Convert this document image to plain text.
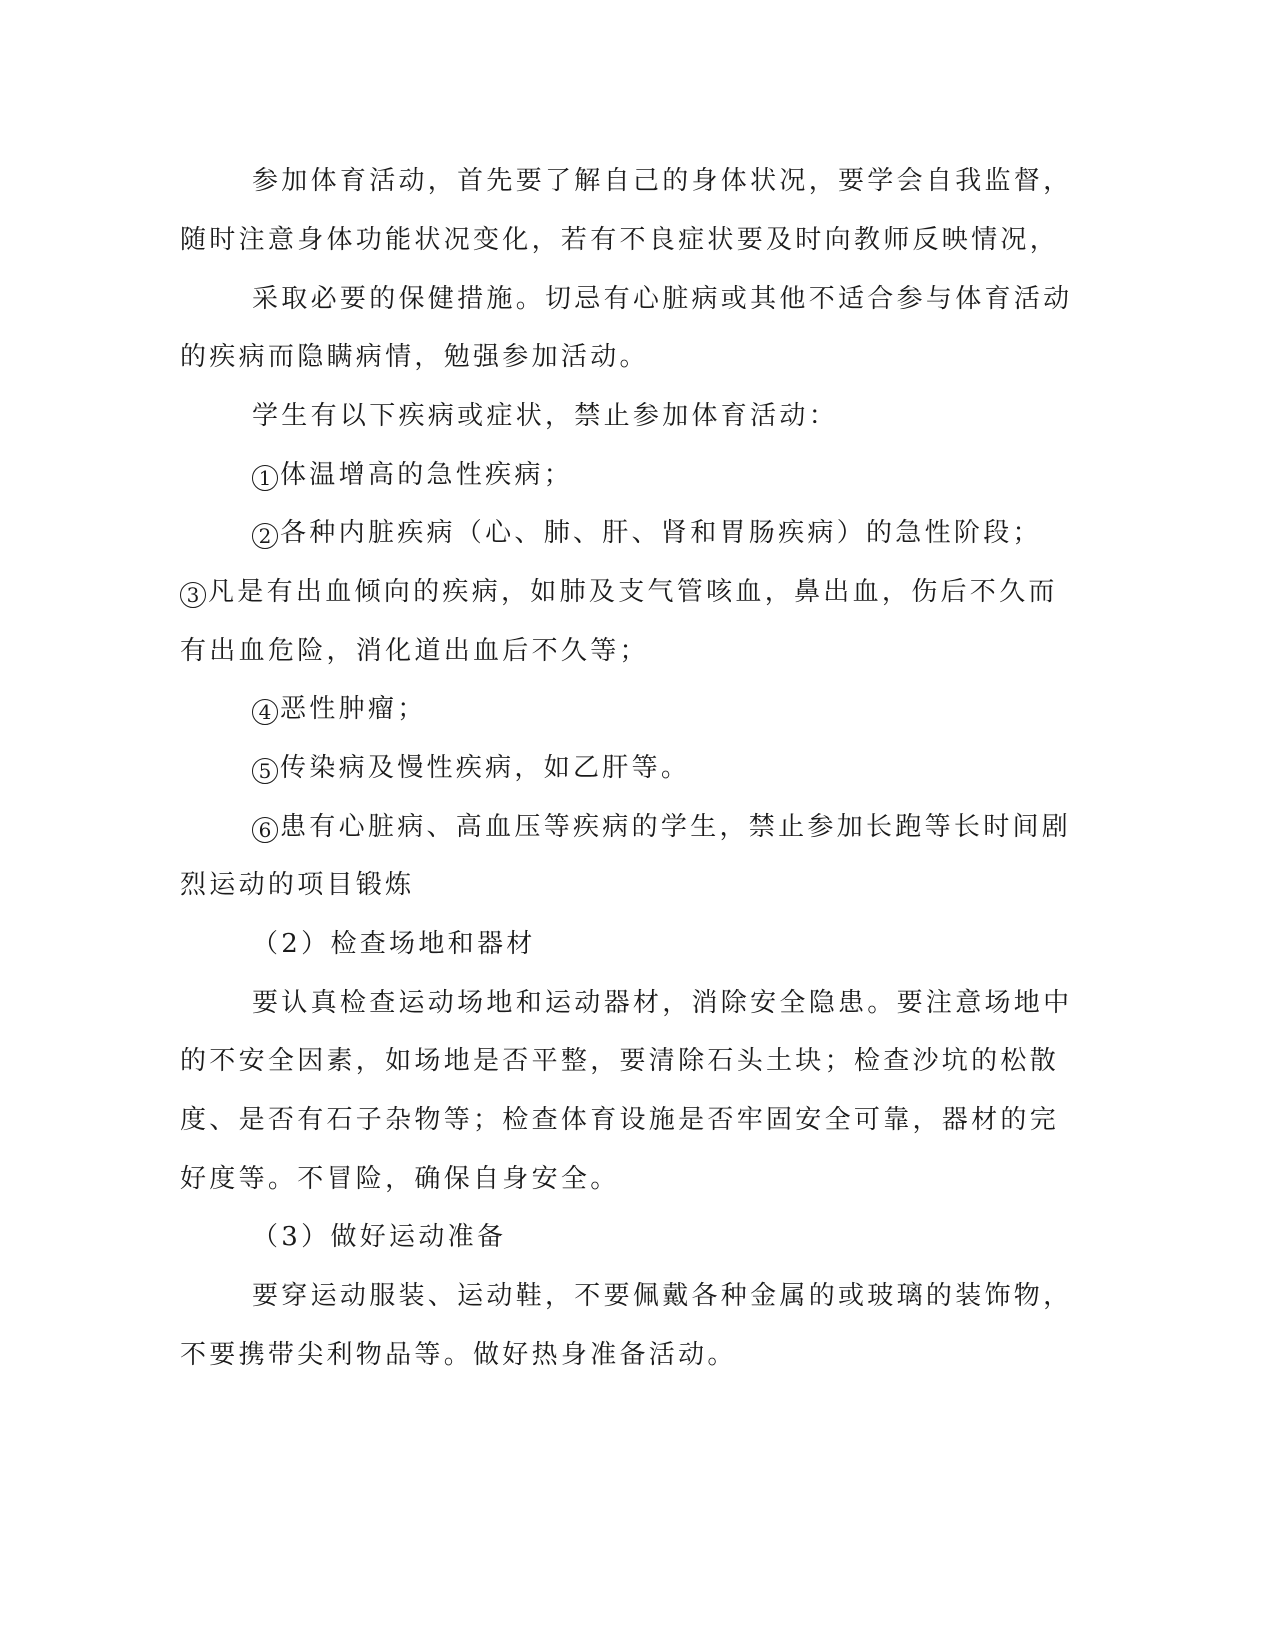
参加体育活动，首先要了解自己的身体状况，要学会自我监督，
随时注意身体功能状况变化，若有不良症状要及时向教师反映情况，
采取必要的保健措施。切忌有心脏病或其他不适合参与体育活动
的疾病而隐瞒病情，勉强参加活动。
学生有以下疾病或症状，禁止参加体育活动：
1 体温增高的急性疾病；
2 各种内脏疾病（心、肺、肝、肾和胃肠疾病）的急性阶段；
3 凡是有出血倾向的疾病，如肺及支气管咳血，鼻出血，伤后不久而
有出血危险，消化道出血后不久等；
4 恶性肿瘤；
5 传染病及慢性疾病，如乙肝等。
6 患有心脏病、高血压等疾病的学生，禁止参加长跑等长时间剧
烈运动的项目锻炼
（2）检查场地和器材
要认真检查运动场地和运动器材，消除安全隐患。要注意场地中
的不安全因素，如场地是否平整，要清除石头土块；检查沙坑的松散
度、是否有石子杂物等；检查体育设施是否牢固安全可靠，器材的完
好度等。不冒险，确保自身安全。
（3）做好运动准备
要穿运动服装、运动鞋，不要佩戴各种金属的或玻璃的装饰物，
不要携带尖利物品等。做好热身准备活动。
